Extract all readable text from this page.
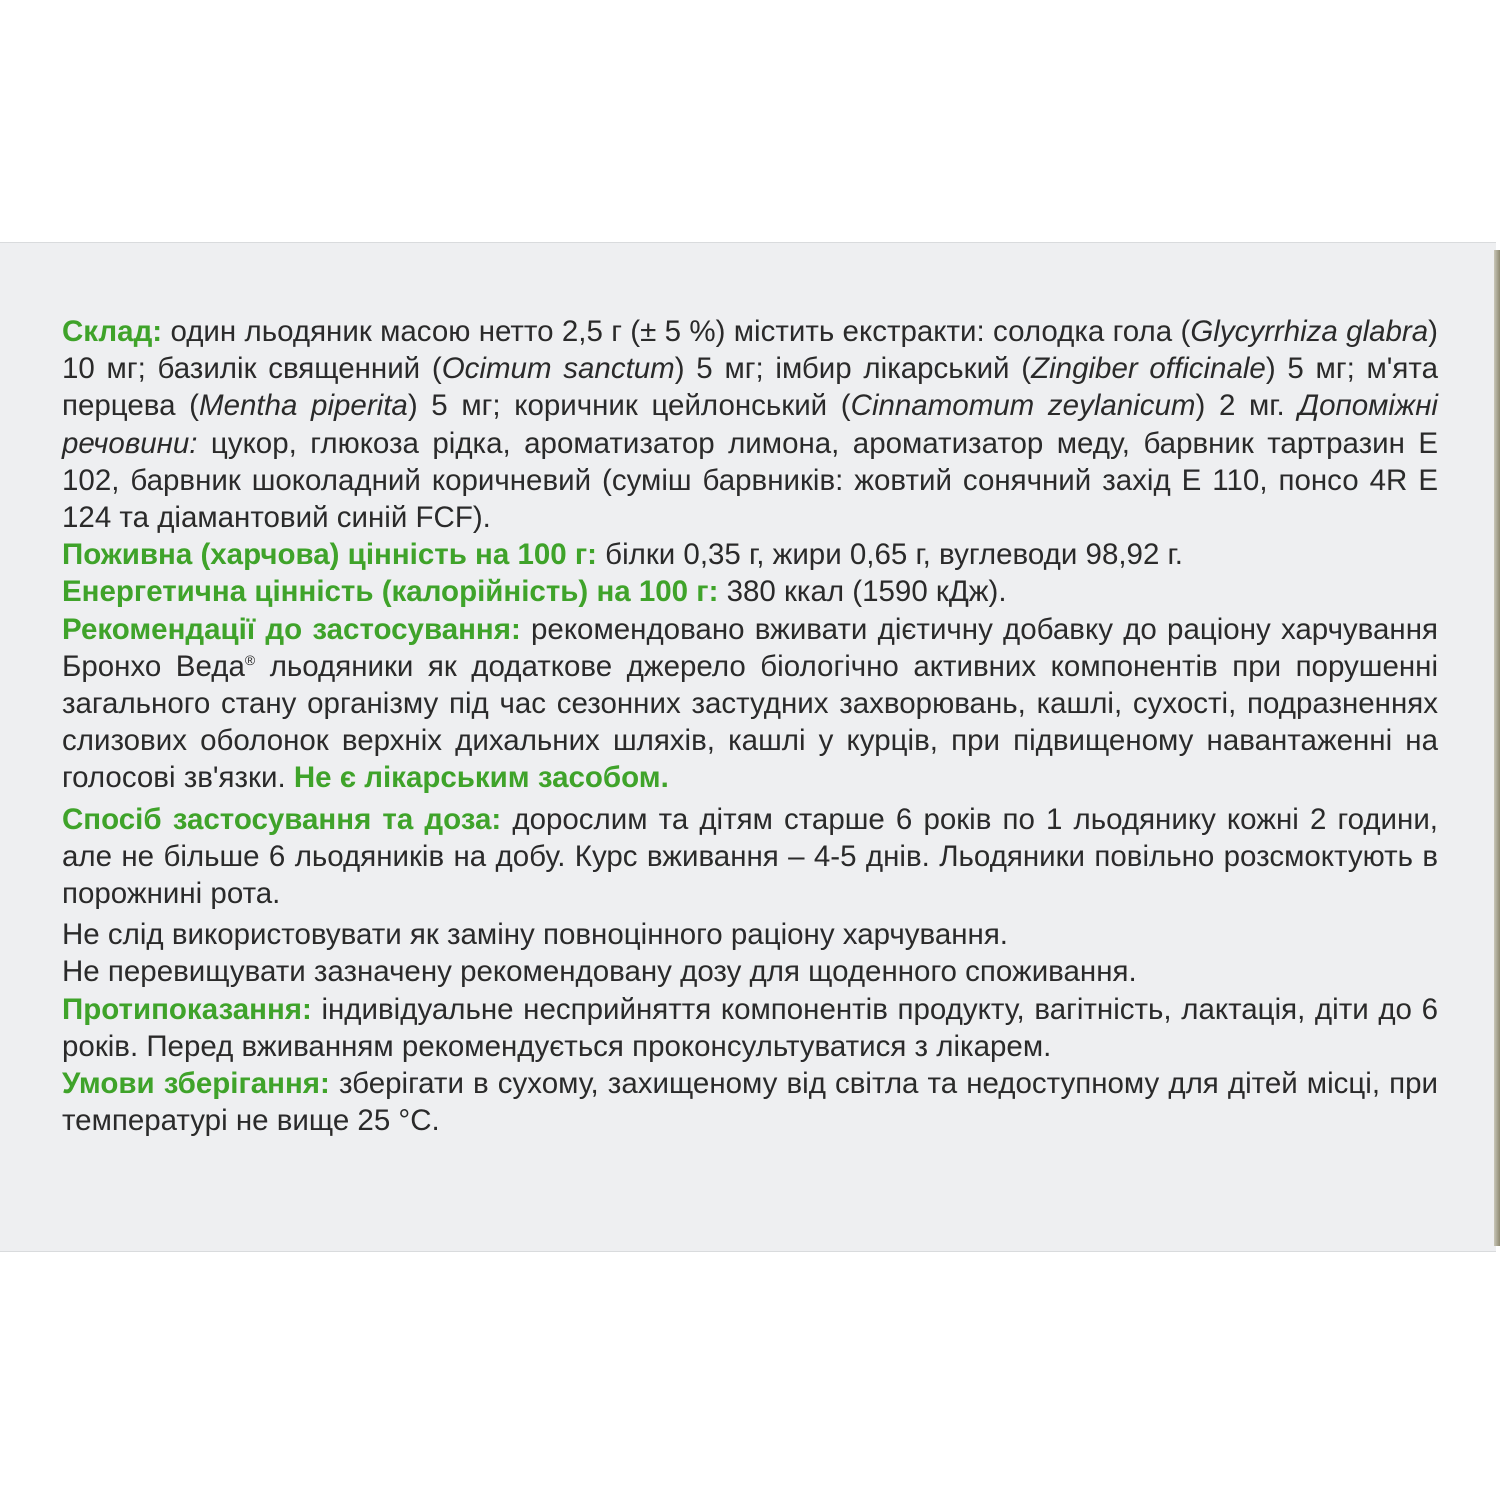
Склад: один льодяник масою нетто 2,5 г (± 5 %) містить екстракти: солодка гола (Glycyrrhiza glabra) 10 мг; базилік священний (Ocimum sanctum) 5 мг; імбир лікарський (Zingiber officinale) 5 мг; м'ята перцева (Mentha piperita) 5 мг; коричник цейлонський (Cinnamomum zeylanicum) 2 мг. Допоміжні речовини: цукор, глюкоза рідка, ароматизатор лимона, ароматизатор меду, барвник тартразин Е 102, барвник шоколадний коричневий (суміш барвників: жовтий сонячний захід Е 110, понсо 4R Е 124 та діамантовий синій FCF).

Поживна (харчова) цінність на 100 г: білки 0,35 г, жири 0,65 г, вуглеводи 98,92 г.

Енергетична цінність (калорійність) на 100 г: 380 ккал (1590 кДж).

Рекомендації до застосування: рекомендовано вживати дієтичну добавку до раціону харчування Бронхо Веда® льодяники як додаткове джерело біологічно активних компонентів при порушенні загального стану організму під час сезонних застудних захворювань, кашлі, сухості, подразненнях слизових оболонок верхніх дихальних шляхів, кашлі у курців, при підвищеному навантаженні на голосові зв'язки. Не є лікарським засобом.

Спосіб застосування та доза: дорослим та дітям старше 6 років по 1 льодянику кожні 2 години, але не більше 6 льодяників на добу. Курс вживання – 4-5 днів. Льодяники повільно розсмоктують в порожнині рота.

Не слід використовувати як заміну повноцінного раціону харчування.

Не перевищувати зазначену рекомендовану дозу для щоденного споживання.

Протипоказання: індивідуальне несприйняття компонентів продукту, вагітність, лактація, діти до 6 років. Перед вживанням рекомендується проконсультуватися з лікарем.

Умови зберігання: зберігати в сухому, захищеному від світла та недоступному для дітей місці, при температурі не вище 25 °C.
